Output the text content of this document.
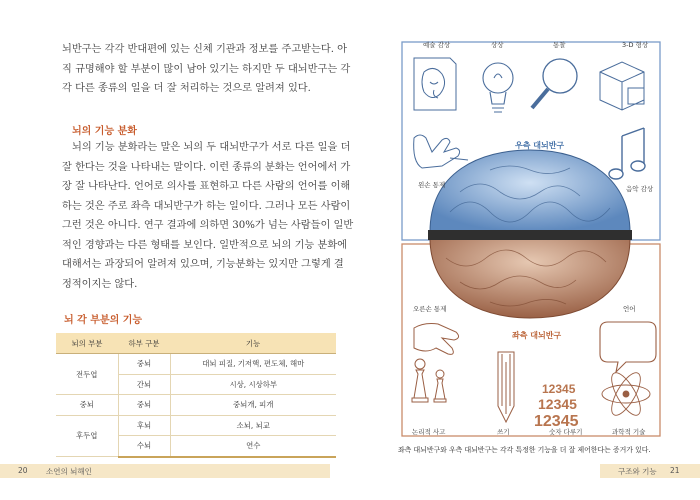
뇌반구는 각각 반대편에 있는 신체 기관과 정보를 주고받는다. 아
직 규명해야 할 부분이 많이 남아 있기는 하지만 두 대뇌반구는 각
각 다른 종류의 일을 더 잘 처리하는 것으로 알려져 있다.
뇌의 기능 분화
뇌의 기능 분화라는 말은 뇌의 두 대뇌반구가 서로 다른 일을 더
잘 한다는 것을 나타내는 말이다. 이런 종류의 분화는 언어에서 가
장 잘 나타난다. 언어로 의사를 표현하고 다른 사람의 언어를 이해
하는 것은 주로 좌측 대뇌반구가 하는 일이다. 그러나 모든 사람이
그런 것은 아니다. 연구 결과에 의하면 30%가 넘는 사람들이 일반
적인 경향과는 다른 형태를 보인다. 일반적으로 뇌의 기능 분화에
대해서는 과장되어 알려져 있으며, 기능분화는 있지만 그렇게 결
정적이지는 않다.
뇌 각 부분의 기능
뇌의 부분	하부 구분	기능
전두엽	중뇌	대뇌 피질, 기저핵, 편도체, 해마
	간뇌	시상, 시상하부
중뇌	중뇌	중뇌개, 피개
후두엽	후뇌	소뇌, 뇌교
	수뇌	연수
20 소연의 뇌해인	구조와 기능 21
12345
12345
12345
예술 감상	상상	통찰	3-D 형상
우측 대뇌반구
왼손 통제	음악 감상
오른손 통제	언어
좌측 대뇌반구
논리적 사고	쓰기	숫자 다루기	과학적 기술
좌측 대뇌반구와 우측 대뇌반구는 각각 특정한 기능을 더 잘 제어한다는 증거가 있다.
